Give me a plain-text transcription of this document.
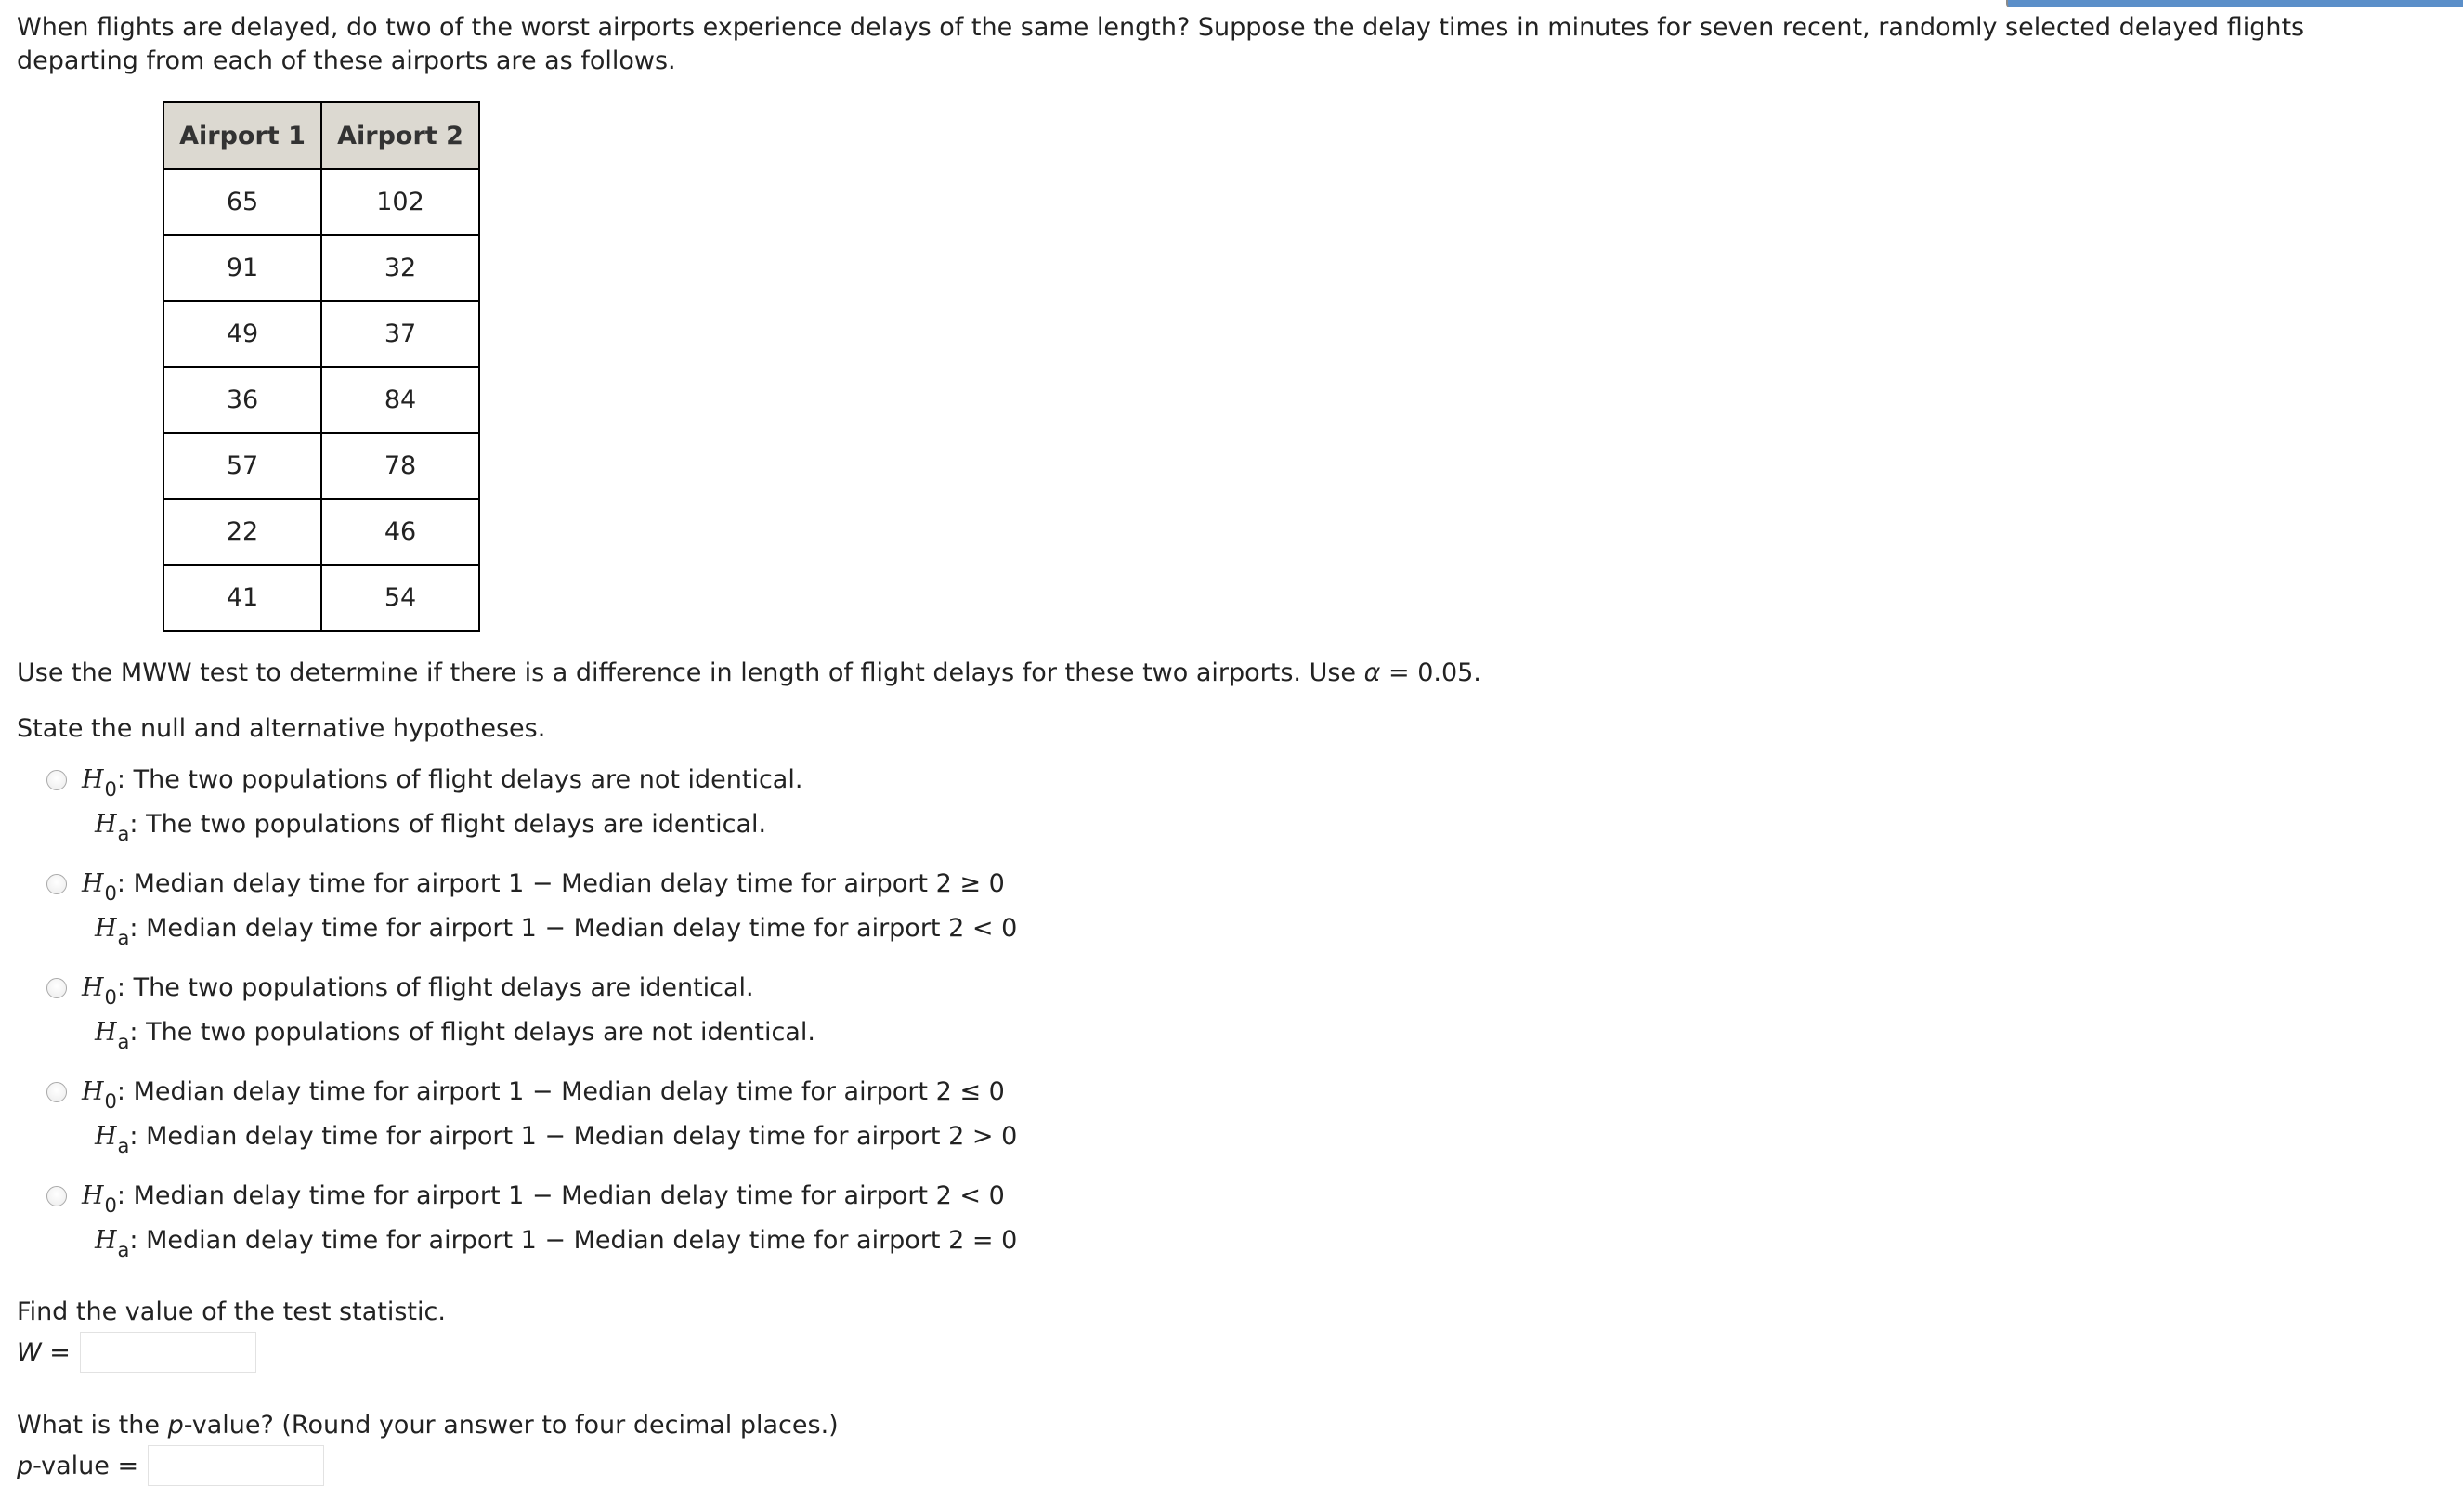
When flights are delayed, do two of the worst airports experience delays of the same length? Suppose the delay times in minutes for seven recent, randomly selected delayed flights departing from each of these airports are as follows.

Airport 1	Airport 2
65	102
91	32
49	37
36	84
57	78
22	46
41	54
Use the MWW test to determine if there is a difference in length of flight delays for these two airports. Use α = 0.05.
State the null and alternative hypotheses.
$H_0$: The two populations of flight delays are not identical.
$H_a$: The two populations of flight delays are identical.
$H_0$: Median delay time for airport 1 − Median delay time for airport 2 ≥ 0
$H_a$: Median delay time for airport 1 − Median delay time for airport 2 < 0
$H_0$: The two populations of flight delays are identical.
$H_a$: The two populations of flight delays are not identical.
$H_0$: Median delay time for airport 1 − Median delay time for airport 2 ≤ 0
$H_a$: Median delay time for airport 1 − Median delay time for airport 2 > 0
$H_0$: Median delay time for airport 1 − Median delay time for airport 2 < 0
$H_a$: Median delay time for airport 1 − Median delay time for airport 2 = 0
Find the value of the test statistic.
W =
What is the p-value? (Round your answer to four decimal places.)
p-value =
